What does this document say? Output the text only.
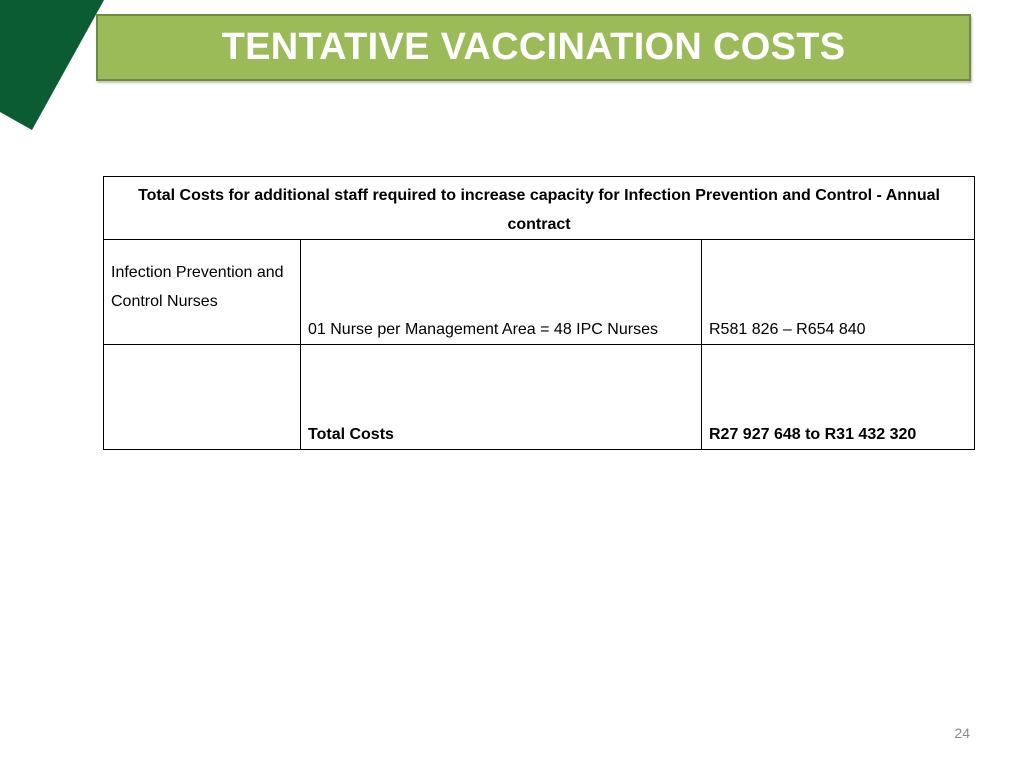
TENTATIVE VACCINATION COSTS
Total Costs for additional staff required to increase capacity for Infection Prevention and Control - Annual contract		
Infection Prevention and Control Nurses	01 Nurse per Management Area = 48 IPC Nurses	R581 826 – R654 840
	Total Costs	R27 927 648 to R31 432 320
24
